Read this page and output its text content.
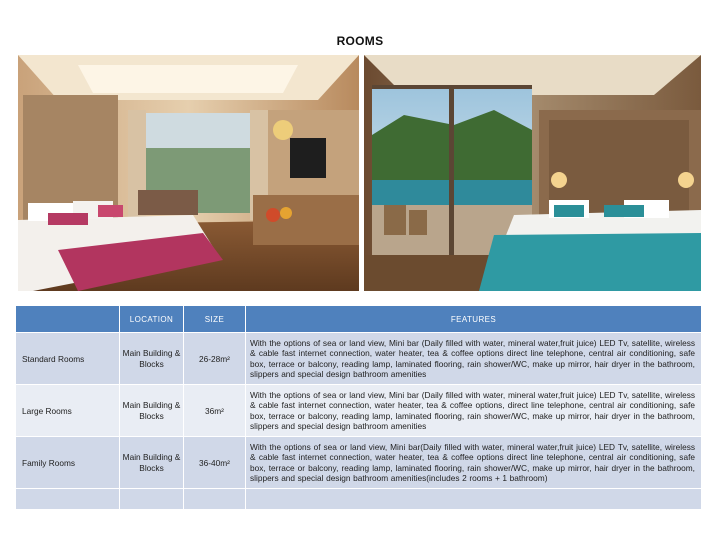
ROOMS
	LOCATION	SIZE	FEATURES
Standard Rooms	Main Building & Blocks	26-28m²	With the options of sea or land view, Mini bar (Daily filled with water, mineral water,fruit juice) LED Tv, satellite, wireless & cable fast internet connection, water heater, tea & coffee options direct line telephone, central air conditioning, safe box, terrace or balcony, reading lamp, laminated flooring, rain shower/WC, make up mirror, hair dryer in the bathroom, slippers and special design bathroom amenities
Large Rooms	Main Building & Blocks	36m²	With the options of sea or land view, Mini bar (Daily filled with water, mineral water,fruit juice) LED Tv, satellite, wireless & cable fast internet connection, water heater, tea & coffee options, direct line telephone, central air conditioning, safe box, terrace or balcony, reading lamp, laminated flooring, rain shower/WC, make up mirror, hair dryer in the bathroom, slippers and special design bathroom amenities
Family Rooms	Main Building & Blocks	36-40m²	With the options of sea or land view, Mini bar(Daily filled with water, mineral water,fruit juice) LED Tv, satellite, wireless & cable fast internet connection, water heater, tea & coffee options direct line telephone, central air conditioning, safe box, terrace or balcony, reading lamp, laminated flooring, rain shower/WC, make up mirror, hair dryer in the bathroom, slippers and special design bathroom amenities(includes 2 rooms + 1 bathroom)
